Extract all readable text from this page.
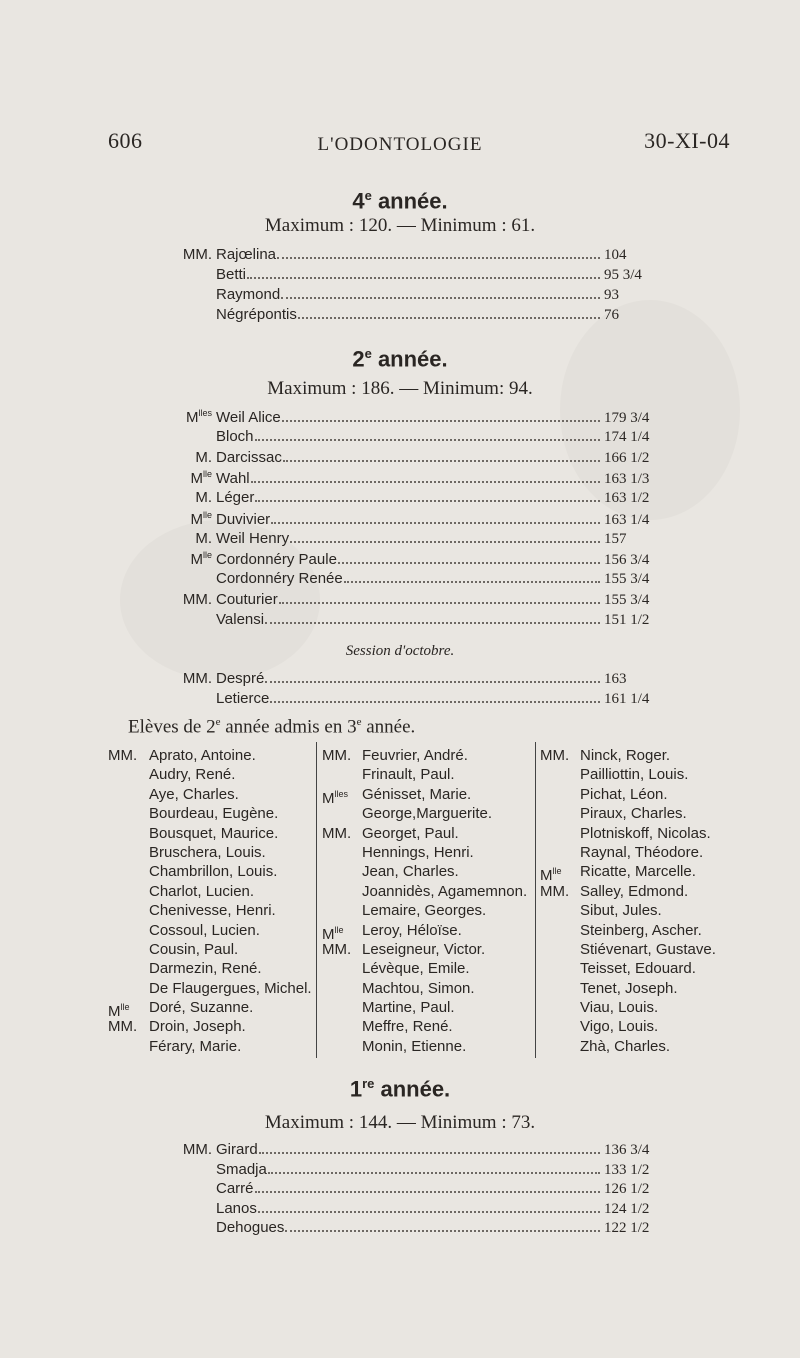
606	L'ODONTOLOGIE	30-XI-04
4e année.
Maximum : 120. — Minimum : 61.
MM. Rajœlina	104
Betti	95 3/4
Raymond	93
Négrépontis	76
2e année.
Maximum : 186. — Minimum: 94.
$M^{lles}$ Weil Alice	179 3/4
Bloch	174 1/4
M. Darcissac	166 1/2
$M^{lle}$ Wahl	163 1/3
M. Léger	163 1/2
$M^{lle}$ Duvivier	163 1/4
M. Weil Henry	157
$M^{lle}$ Cordonnéry Paule	156 3/4
Cordonnéry Renée	155 3/4
MM. Couturier	155 3/4
Valensi	151 1/2
Session d'octobre.
MM. Despré	163
Letierce	161 1/4
Elèves de 2e année admis en 3e année.
MM. Aprato, Antoine.
Audry, René.
Aye, Charles.
Bourdeau, Eugène.
Bousquet, Maurice.
Bruschera, Louis.
Chambrillon, Louis.
Charlot, Lucien.
Chenivesse, Henri.
Cossoul, Lucien.
Cousin, Paul.
Darmezin, René.
De Flaugergues, Michel.
$M^{lle}$	Doré, Suzanne.
MM. Droin, Joseph.
Férary, Marie.
MM. Feuvrier, André.
Frinault, Paul.
$M^{lles}$ Génisset, Marie.
George,Marguerite.
MM. Georget, Paul.
Hennings, Henri.
Jean, Charles.
Joannidès, Agamemnon.
Lemaire, Georges.
$M^{lle}$	Leroy, Héloïse.
MM. Leseigneur, Victor.
Lévèque, Emile.
Machtou, Simon.
Martine, Paul.
Meffre, René.
Monin, Etienne.
MM. Ninck, Roger.
Pailliottin, Louis.
Pichat, Léon.
Piraux, Charles.
Plotniskoff, Nicolas.
Raynal, Théodore.
$M^{lle}$	Ricatte, Marcelle.
MM. Salley, Edmond.
Sibut, Jules.
Steinberg, Ascher.
Stiévenart, Gustave.
Teisset, Edouard.
Tenet, Joseph.
Viau, Louis.
Vigo, Louis.
Zhà, Charles.
1re année.
Maximum : 144. — Minimum : 73.
MM. Girard	136 3/4
Smadja	133 1/2
Carré	126 1/2
Lanos	124 1/2
Dehogues	122 1/2
